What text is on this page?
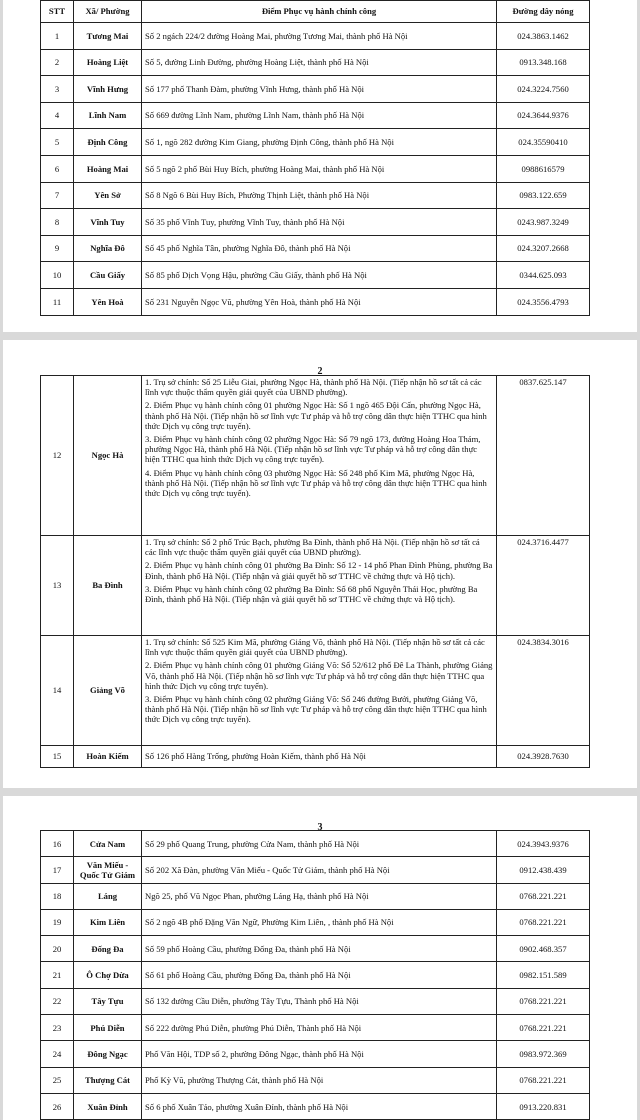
STT	Xã/ Phường	Điểm Phục vụ hành chính công	Đường dây nóng
1	Tương Mai	Số 2 ngách 224/2 đường Hoàng Mai, phường Tương Mai, thành phố Hà Nội	024.3863.1462
2	Hoàng Liệt	Số 5, đường Linh Đường, phường Hoàng Liệt, thành phố Hà Nội	0913.348.168
3	Vĩnh Hưng	Số 177 phố Thanh Đàm, phường Vĩnh Hưng, thành phố Hà Nội	024.3224.7560
4	Lĩnh Nam	Số 669 đường Lĩnh Nam, phường Lĩnh Nam, thành phố Hà Nội	024.3644.9376
5	Định Công	Số 1, ngõ 282 đường Kim Giang, phường Định Công, thành phố Hà Nội	024.35590410
6	Hoàng Mai	Số 5 ngõ 2 phố Bùi Huy Bích, phường Hoàng Mai, thành phố Hà Nội	0988616579
7	Yên Sở	Số 8 Ngõ 6 Bùi Huy Bích, Phường Thịnh Liệt, thành phố Hà Nội	0983.122.659
8	Vĩnh Tuy	Số 35 phố Vĩnh Tuy, phường Vĩnh Tuy, thành phố Hà Nội	0243.987.3249
9	Nghĩa Đô	Số 45 phố Nghĩa Tân, phường Nghĩa Đô, thành phố Hà Nội	024.3207.2668
10	Cầu Giấy	Số 85 phố Dịch Vọng Hậu, phường Cầu Giấy, thành phố Hà Nội	0344.625.093
11	Yên Hoà	Số 231 Nguyễn Ngọc Vũ, phường Yên Hoà, thành phố Hà Nội	024.3556.4793
2
12	Ngọc Hà	1. Trụ sở chính: Số 25 Liễu Giai, phường Ngọc Hà, thành phố Hà Nội. (Tiếp nhận hồ sơ tất cả các lĩnh vực thuộc thẩm quyền giải quyết của UBND phường).
2. Điểm Phục vụ hành chính công 01 phường Ngọc Hà: Số 1 ngõ 465 Đội Cấn, phường Ngọc Hà, thành phố Hà Nội. (Tiếp nhận hồ sơ lĩnh vực Tư pháp và hỗ trợ công dân thực hiện TTHC qua hình thức Dịch vụ công trực tuyến).
3. Điểm Phục vụ hành chính công 02 phường Ngọc Hà: Số 79 ngõ 173, đường Hoàng Hoa Thám, phường Ngọc Hà, thành phố Hà Nội. (Tiếp nhận hồ sơ lĩnh vực Tư pháp và hỗ trợ công dân thực hiện TTHC qua hình thức Dịch vụ công trực tuyến).
4. Điểm Phục vụ hành chính công 03 phường Ngọc Hà: Số 248 phố Kim Mã, phường Ngọc Hà, thành phố Hà Nội. (Tiếp nhận hồ sơ lĩnh vực Tư pháp và hỗ trợ công dân thực hiện TTHC qua hình thức Dịch vụ công trực tuyến).	0837.625.147
13	Ba Đình	1. Trụ sở chính: Số 2 phố Trúc Bạch, phường Ba Đình, thành phố Hà Nội. (Tiếp nhận hồ sơ tất cả các lĩnh vực thuộc thẩm quyền giải quyết của UBND phường).
2. Điểm Phục vụ hành chính công 01 phường Ba Đình: Số 12 - 14 phố Phan Đình Phùng, phường Ba Đình, thành phố Hà Nội. (Tiếp nhận và giải quyết hồ sơ TTHC về chứng thực và Hộ tịch).
3. Điểm Phục vụ hành chính công 02 phường Ba Đình: Số 68 phố Nguyễn Thái Học, phường Ba Đình, thành phố Hà Nội. (Tiếp nhận và giải quyết hồ sơ TTHC về chứng thực và Hộ tịch).	024.3716.4477
14	Giảng Võ	1. Trụ sở chính: Số 525 Kim Mã, phường Giảng Võ, thành phố Hà Nội. (Tiếp nhận hồ sơ tất cả các lĩnh vực thuộc thẩm quyền giải quyết của UBND phường).
2. Điểm Phục vụ hành chính công 01 phường Giảng Võ: Số 52/612 phố Đê La Thành, phường Giảng Võ, thành phố Hà Nội. (Tiếp nhận hồ sơ lĩnh vực Tư pháp và hỗ trợ công dân thực hiện TTHC qua hình thức Dịch vụ công trực tuyến).
3. Điểm Phục vụ hành chính công 02 phường Giảng Võ: Số 246 đường Bưởi, phường Giảng Võ, thành phố Hà Nội. (Tiếp nhận hồ sơ lĩnh vực Tư pháp và hỗ trợ công dân thực hiện TTHC qua hình thức Dịch vụ công trực tuyến).	024.3834.3016
15	Hoàn Kiếm	Số 126 phố Hàng Trống, phường Hoàn Kiếm, thành phố Hà Nội	024.3928.7630
3
16	Cửa Nam	Số 29 phố Quang Trung, phường Cửa Nam, thành phố Hà Nội	024.3943.9376
17	Văn Miếu - Quốc Tử Giám	Số 202 Xã Đàn, phường Văn Miếu - Quốc Tử Giám, thành phố Hà Nội	0912.438.439
18	Láng	Ngõ 25, phố Vũ Ngọc Phan, phường Láng Hạ, thành phố Hà Nội	0768.221.221
19	Kim Liên	Số 2 ngõ 4B phố Đặng Văn Ngữ, Phường Kim Liên, , thành phố Hà Nội	0768.221.221
20	Đống Đa	Số 59 phố Hoàng Cầu, phường Đống Đa, thành phố Hà Nội	0902.468.357
21	Ô Chợ Dừa	Số 61 phố Hoàng Cầu, phường Đống Đa, thành phố Hà Nội	0982.151.589
22	Tây Tựu	Số 132 đường Cầu Diễn, phường Tây Tựu, Thành phố Hà Nội	0768.221.221
23	Phú Diễn	Số 222 đường Phú Diễn, phường Phú Diễn, Thành phố Hà Nội	0768.221.221
24	Đông Ngạc	Phố Văn Hội, TDP số 2, phường Đông Ngạc, thành phố Hà Nội	0983.972.369
25	Thượng Cát	Phố Kỳ Vũ, phường Thượng Cát, thành phố Hà Nội	0768.221.221
26	Xuân Đỉnh	Số 6 phố Xuân Tảo, phường Xuân Đỉnh, thành phố Hà Nội	0913.220.831
